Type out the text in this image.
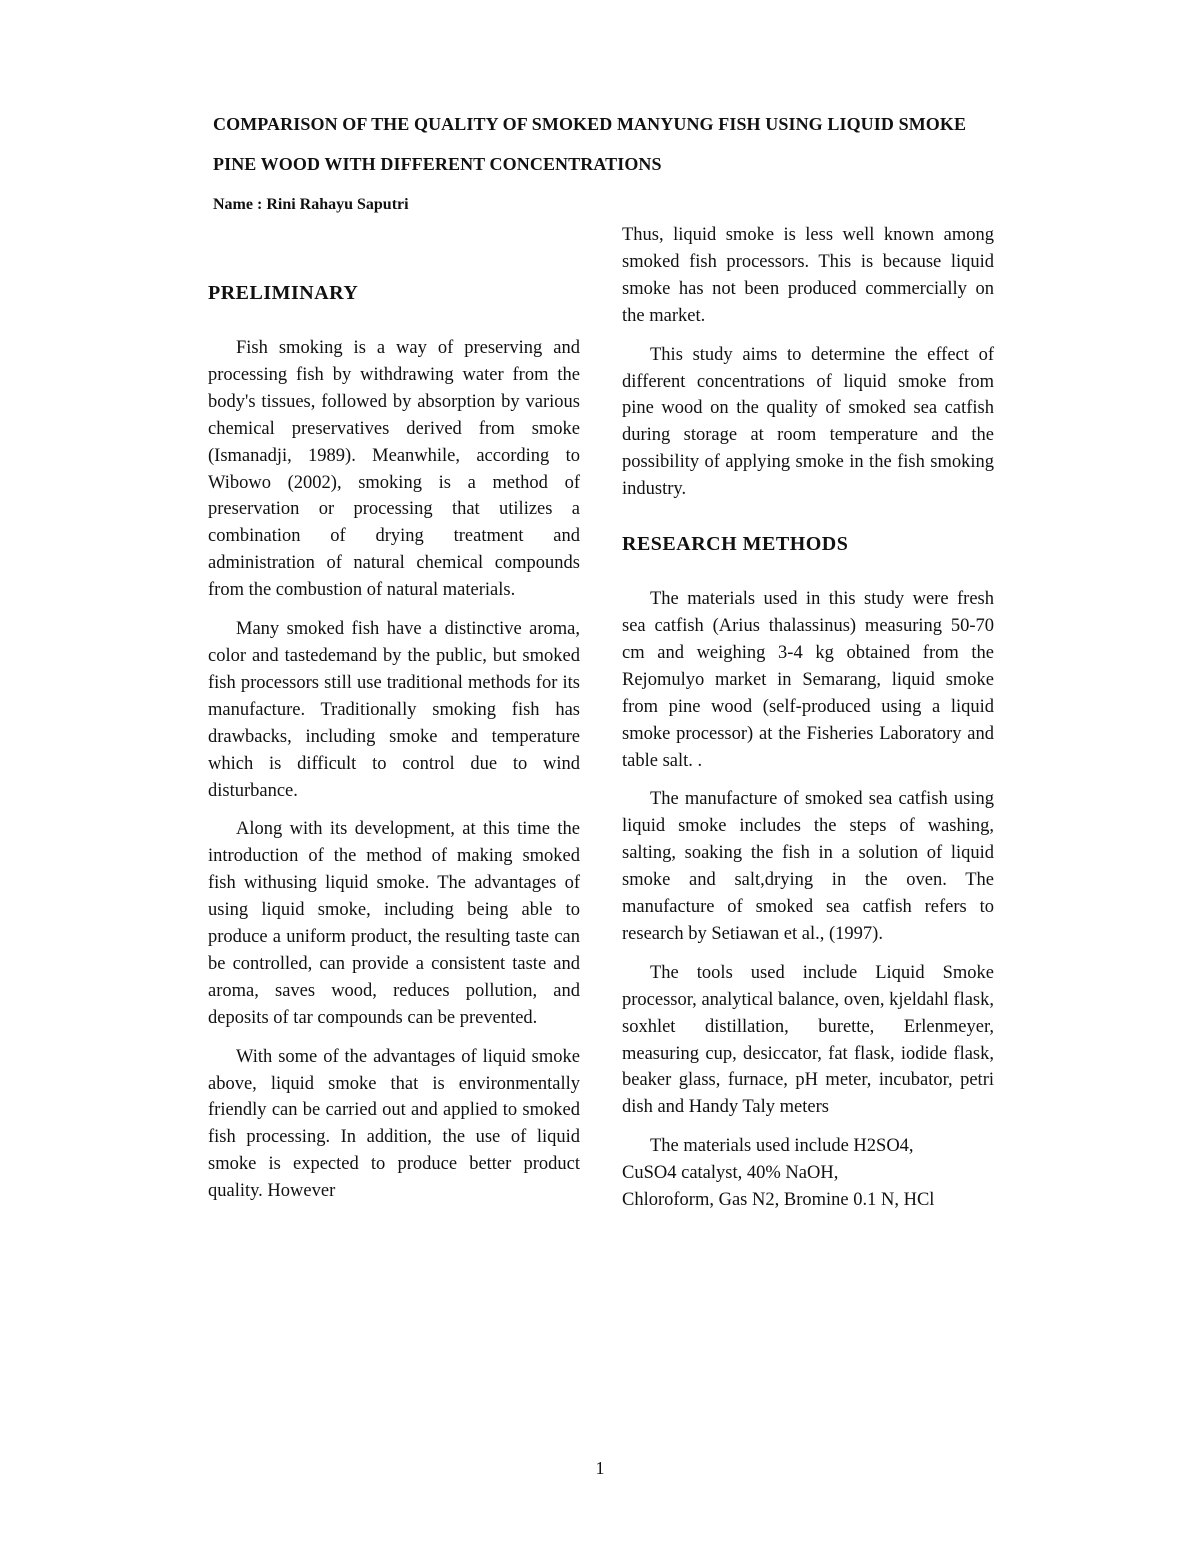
COMPARISON OF THE QUALITY OF SMOKED MANYUNG FISH USING LIQUID SMOKE

PINE WOOD WITH DIFFERENT CONCENTRATIONS

Name : Rini Rahayu Saputri

PRELIMINARY

Fish smoking is a way of preserving and processing fish by withdrawing water from the body's tissues, followed by absorption by various chemical preservatives derived from smoke (Ismanadji, 1989). Meanwhile, according to Wibowo (2002), smoking is a method of preservation or processing that utilizes a combination of drying treatment and administration of natural chemical compounds from the combustion of natural materials.

Many smoked fish have a distinctive aroma, color and tastedemand by the public, but smoked fish processors still use traditional methods for its manufacture. Traditionally smoking fish has drawbacks, including smoke and temperature which is difficult to control due to wind disturbance.

Along with its development, at this time the introduction of the method of making smoked fish withusing liquid smoke. The advantages of using liquid smoke, including being able to produce a uniform product, the resulting taste can be controlled, can provide a consistent taste and aroma, saves wood, reduces pollution, and deposits of tar compounds can be prevented.

With some of the advantages of liquid smoke above, liquid smoke that is environmentally friendly can be carried out and applied to smoked fish processing. In addition, the use of liquid smoke is expected to produce better product quality. However

Thus, liquid smoke is less well known among smoked fish processors. This is because liquid smoke has not been produced commercially on the market.

This study aims to determine the effect of different concentrations of liquid smoke from pine wood on the quality of smoked sea catfish during storage at room temperature and the possibility of applying smoke in the fish smoking industry.

RESEARCH METHODS

The materials used in this study were fresh sea catfish (Arius thalassinus) measuring 50-70 cm and weighing 3-4 kg obtained from the Rejomulyo market in Semarang, liquid smoke from pine wood (self-produced using a liquid smoke processor) at the Fisheries Laboratory and table salt. .

The manufacture of smoked sea catfish using liquid smoke includes the steps of washing, salting, soaking the fish in a solution of liquid smoke and salt,drying in the oven. The manufacture of smoked sea catfish refers to research by Setiawan et al., (1997).

The tools used include Liquid Smoke processor, analytical balance, oven, kjeldahl flask, soxhlet distillation, burette, Erlenmeyer, measuring cup, desiccator, fat flask, iodide flask, beaker glass, furnace, pH meter, incubator, petri dish and Handy Taly meters

The materials used include H2SO4,
CuSO4 catalyst, 40% NaOH,
Chloroform, Gas N2, Bromine 0.1 N, HCl

1
